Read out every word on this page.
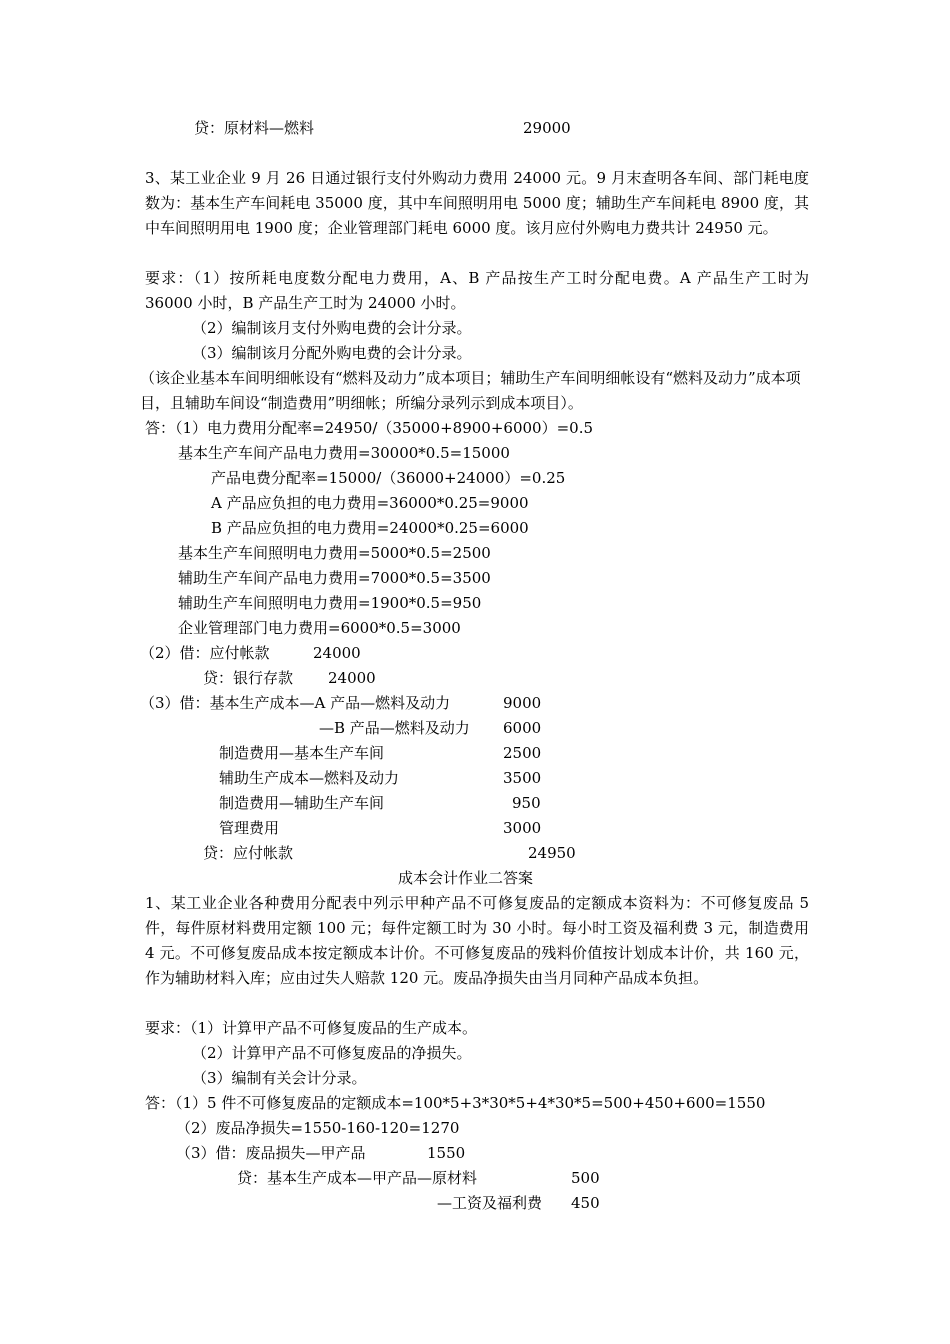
贷：原材料—燃料	29000
3、某工业企业 9 月 26 日通过银行支付外购动力费用 24000 元。9 月末查明各车间、部门耗电度数为：基本生产车间耗电 35000 度，其中车间照明用电 5000 度；辅助生产车间耗电 8900 度，其中车间照明用电 1900 度；企业管理部门耗电 6000 度。该月应付外购电力费共计 24950 元。
要求：（1）按所耗电度数分配电力费用，A、B 产品按生产工时分配电费。A 产品生产工时为 36000 小时，B 产品生产工时为 24000 小时。
（2）编制该月支付外购电费的会计分录。
（3）编制该月分配外购电费的会计分录。
（该企业基本车间明细帐设有“燃料及动力”成本项目；辅助生产车间明细帐设有“燃料及动力”成本项目，且辅助车间设“制造费用”明细帐；所编分录列示到成本项目）。
答：（1）电力费用分配率=24950/（35000+8900+6000）=0.5
基本生产车间产品电力费用=30000*0.5=15000
产品电费分配率=15000/（36000+24000）=0.25
A 产品应负担的电力费用=36000*0.25=9000
B 产品应负担的电力费用=24000*0.25=6000
基本生产车间照明电力费用=5000*0.5=2500
辅助生产车间产品电力费用=7000*0.5=3500
辅助生产车间照明电力费用=1900*0.5=950
企业管理部门电力费用=6000*0.5=3000
（2）借：应付帐款	24000
贷：银行存款 24000
（3）借：基本生产成本—A 产品—燃料及动力	9000
—B 产品—燃料及动力 6000
制造费用—基本生产车间	2500
辅助生产成本—燃料及动力	3500
制造费用—辅助生产车间	950
管理费用	3000
贷：应付帐款	24950
成本会计作业二答案
1、某工业企业各种费用分配表中列示甲种产品不可修复废品的定额成本资料为：不可修复废品 5 件，每件原材料费用定额 100 元；每件定额工时为 30 小时。每小时工资及福利费 3 元，制造费用 4 元。不可修复废品成本按定额成本计价。不可修复废品的残料价值按计划成本计价，共 160 元，作为辅助材料入库；应由过失人赔款 120 元。废品净损失由当月同种产品成本负担。
要求：（1）计算甲产品不可修复废品的生产成本。
（2）计算甲产品不可修复废品的净损失。
（3）编制有关会计分录。
答：（1）5 件不可修复废品的定额成本=100*5+3*30*5+4*30*5=500+450+600=1550
（2）废品净损失=1550-160-120=1270
（3）借：废品损失—甲产品	1550
贷：基本生产成本—甲产品—原材料	500
—工资及福利费 450
